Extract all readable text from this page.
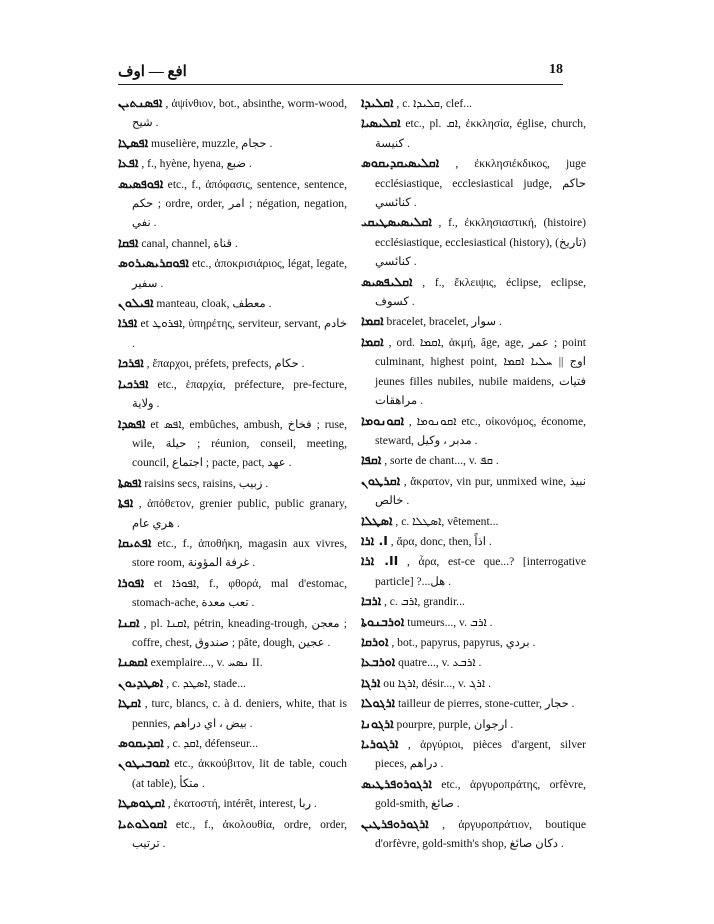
افع — اوف	18

ܐܦܣܢܬܝܢ , ἀψίνθιον, bot., absinthe, worm-wood, شيح .

ܐܦܣܛܐ muselière, muzzle, حجام .

ܐܦܥܐ , f., hyène, hyena, ضبع .

ܐܦܘܦܣܝܣ etc., f., ἀπόφασις, sentence, sentence, حكم ; ordre, order, امر ; négation, negation, نفي .

ܐܦܩܐ canal, channel, قناة .

ܐܦܘܩܪܝܣܝܪܘܣ etc., ἀποκρισιάριος, légat, legate, سفير .

ܐܦܝܠܘܢ manteau, cloak, معطف .

ܐܦܪܐ et ܐܦܪܘܛ, ὑπηρέτης, serviteur, servant, خادم .

ܐܦܪܟܐ , ἔπαρχοι, préfets, prefects, حكام .

ܐܦܪܟܝܐ etc., ἐπαρχία, préfecture, pre-fecture, ولاية .

ܐܦܣܕܐ et ܐܦܣ, embûches, ambush, فخاخ ; ruse, wile, حيلة ; réunion, conseil, meeting, council, اجتماع ; pacte, pact, عهد .

ܐܦܣܬܐ raisins secs, raisins, زبيب .

ܐܦܬܐ , ἀπόθετον, grenier public, public granary, هري عام .

ܐܦܬܝܩܐ etc., f., ἀποθήκη, magasin aux vivres, store room, غرفة المؤونة .

ܐܦܘܪܐ et ܐܦܘܪܐ, f., φθορά, mal d'estomac, stomach-ache, تعب معدة .

ܐܩܢܐ , pl. ܐܩܢܐ, pétrin, kneading-trough, معجن ; coffre, chest, صندوق ; pâte, dough, عجين .

ܐܩܣܢܐ exemplaire..., v. ܢܣܚ II.

ܐܣܛܕܝܘܢ , c. ܐܣܛܕ, stade...

ܐܩܛܐ , turc, blancs, c. à d. deniers, white, that is pennies, بيض ، اي دراهم .

ܐܩܕܝܩܘܣ , c. ܐܩܕ, défenseur...

ܐܩܘܒܝܛܘܢ etc., ἀκκούβιτον, lit de table, couch (at table), متكأ .

ܐܩܛܘܣܛܐ , ἑκατοστή, intérêt, interest, ربا .

ܐܩܘܠܘܬܝܐ etc., f., ἀκολουθία, ordre, order, ترتيب .

ܐܩܠܝܕܐ , c. ܩܠܝܕܐ, clef...

ܐܩܠܝܣܝܐ etc., pl. ܐܩ, ἐκκλησία, église, church, كنيسة .

ܐܩܠܝܣܝܩܕܝܩܘܣ , ἐκκλησιέκδικος, juge ecclésiastique, ecclesiastical judge, حاكم كنائسي .

ܐܩܠܝܣܝܣܛܝܩܝ , f., ἐκκλησιαστική, (histoire) ecclésiastique, ecclesiastical (history), (تاريخ) كنائسي .

ܐܩܠܝܦܣܝܣ , f., ἔκλειψις, éclipse, eclipse, كسوف .

ܐܩܡܐ bracelet, bracelet, سوار .

ܐܩܡܐ , ord. ܐܩܡܐ, ἀκμή, âge, age, عمر ; point culminant, highest point, اوج || ܚܠܝܐ ܐܩܡܐ jeunes filles nubiles, nubile maidens, فتيات مراهقات .

ܐܩܘܢܘܡܐ , ܐܩܘܢܘܡܐ etc., οἰκονόμος, économe, steward, مدبر ، وكيل .

ܐܩܦܐ , sorte de chant..., v. ܩܦ .

ܐܩܪܛܘܢ , ἄκρατον, vin pur, unmixed wine, نبيذ خالص .

ܐܣܛܠܐ , c. ܐܣܛܠܐ, vêtement...

I. ܐܪܐ , ἄρα, donc, then, اذاً .

II. ܐܪܐ , ἆρα, est-ce que...? [interrogative particle] ?...هل .

ܐܪܒܐ , c. ܐܪܒ, grandir...

ܐܘܪܒܢܘܬܐ tumeurs..., v. ܐܪܒ .

ܐܘܪܩܐ , bot., papyrus, papyrus, بردي .

ܐܘܪܒܥܐ quatre..., v. ܐܪܒܥ .

ܐܪܓܐ ou ܐܪܓܐ, désir..., v. ܐܪܓ .

ܐܪܓܘܠܐ tailleur de pierres, stone-cutter, حجار .

ܐܪܓܘܢܐ pourpre, purple, ارجوان .

ܐܪܓܘܪܝܐ , ἀργύριοι, pièces d'argent, silver pieces, دراهم .

ܐܪܓܘܪܘܦܪܛܝܣ etc., ἀργυροπράτης, orfèvre, gold-smith, صائغ .

ܐܪܓܘܪܘܦܪܛܝܢ , ἀργυροπράτιον, boutique d'orfèvre, gold-smith's shop, دكان صائغ .
